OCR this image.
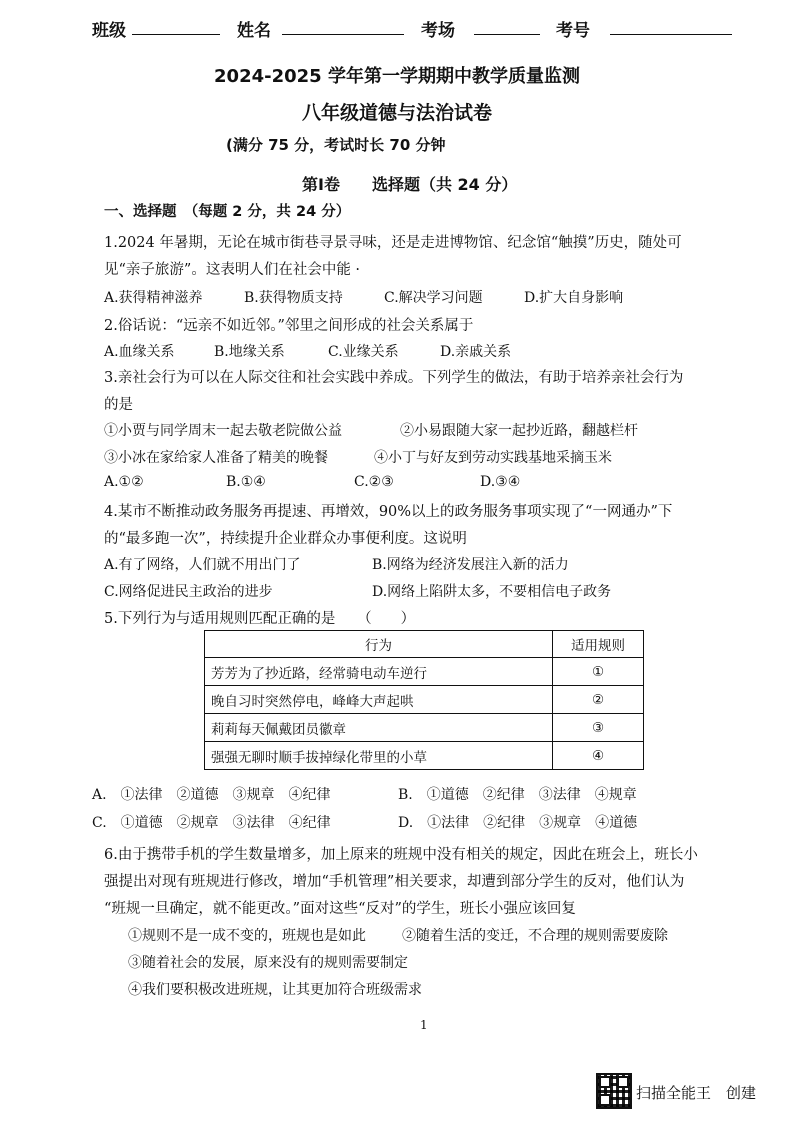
班级	姓名	考场	考号
2024-2025 学年第一学期期中教学质量监测
八年级道德与法治试卷
(满分 75 分，考试时长 70 分钟
第Ⅰ卷　　选择题（共 24 分）
一、选择题　（每题 2 分，共 24 分）
1.2024 年暑期，无论在城市街巷寻景寻味，还是走进博物馆、纪念馆“触摸”历史，随处可
见“亲子旅游”。这表明人们在社会中能 ·
A.获得精神滋养	B.获得物质支持	C.解决学习问题	D.扩大自身影响
2.俗话说：“远亲不如近邻。”邻里之间形成的社会关系属于
A.血缘关系	B.地缘关系	C.业缘关系	D.亲戚关系
3.亲社会行为可以在人际交往和社会实践中养成。下列学生的做法，有助于培养亲社会行为
的是
①小贾与同学周末一起去敬老院做公益	②小易跟随大家一起抄近路，翻越栏杆
③小冰在家给家人准备了精美的晚餐	④小丁与好友到劳动实践基地采摘玉米
A.①②	B.①④	C.②③	D.③④
4.某市不断推动政务服务再提速、再增效，90%以上的政务服务事项实现了“一网通办”下
的“最多跑一次”，持续提升企业群众办事便利度。这说明
A.有了网络，人们就不用出门了	B.网络为经济发展注入新的活力
C.网络促进民主政治的进步	D.网络上陷阱太多，不要相信电子政务
5.下列行为与适用规则匹配正确的是　　（　　）
行为	适用规则
芳芳为了抄近路，经常骑电动车逆行	①
晚自习时突然停电，峰峰大声起哄	②
莉莉每天佩戴团员徽章	③
强强无聊时顺手拔掉绿化带里的小草	④
A.　①法律　②道德　③规章　④纪律	B.　①道德　②纪律　③法律　④规章
C.　①道德　②规章　③法律　④纪律	D.　①法律　②纪律　③规章　④道德
6.由于携带手机的学生数量增多，加上原来的班规中没有相关的规定，因此在班会上，班长小
强提出对现有班规进行修改，增加“手机管理”相关要求，却遭到部分学生的反对，他们认为
“班规一旦确定，就不能更改。”面对这些“反对”的学生，班长小强应该回复
①规则不是一成不变的，班规也是如此	②随着生活的变迁，不合理的规则需要废除
③随着社会的发展，原来没有的规则需要制定
④我们要积极改进班规，让其更加符合班级需求
1
扫描全能王　创建
